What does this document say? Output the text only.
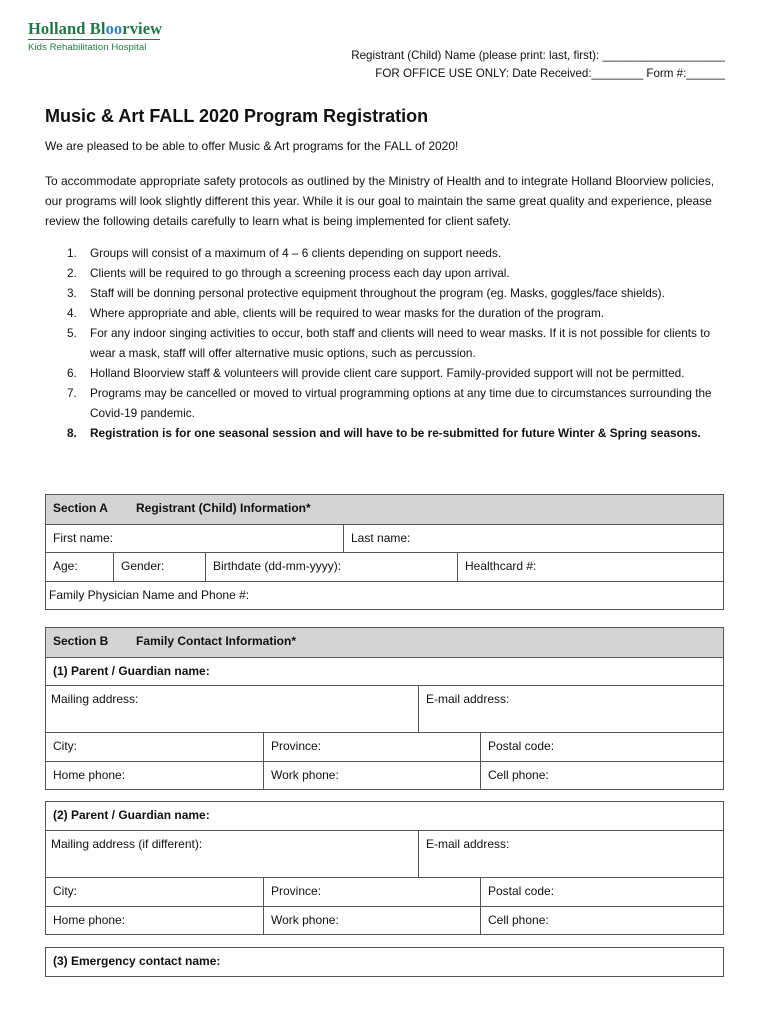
Holland Bloorview
Kids Rehabilitation Hospital
Registrant (Child) Name (please print: last, first): ___________________
FOR OFFICE USE ONLY: Date Received:________ Form #:______
Music & Art FALL 2020 Program Registration

We are pleased to be able to offer Music & Art programs for the FALL of 2020!

To accommodate appropriate safety protocols as outlined by the Ministry of Health and to integrate Holland Bloorview policies, our programs will look slightly different this year. While it is our goal to maintain the same great quality and experience, please review the following details carefully to learn what is being implemented for client safety.

1. Groups will consist of a maximum of 4 – 6 clients depending on support needs.
2. Clients will be required to go through a screening process each day upon arrival.
3. Staff will be donning personal protective equipment throughout the program (eg. Masks, goggles/face shields).
4. Where appropriate and able, clients will be required to wear masks for the duration of the program.
5. For any indoor singing activities to occur, both staff and clients will need to wear masks. If it is not possible for clients to wear a mask, staff will offer alternative music options, such as percussion.
6. Holland Bloorview staff & volunteers will provide client care support. Family-provided support will not be permitted.
7. Programs may be cancelled or moved to virtual programming options at any time due to circumstances surrounding the Covid-19 pandemic.
8. Registration is for one seasonal session and will have to be re-submitted for future Winter & Spring seasons.
Section A	Registrant (Child) Information*
First name:	Last name:
Age:	Gender:	Birthdate (dd-mm-yyyy):	Healthcard #:
Family Physician Name and Phone #:
Section B	Family Contact Information*
(1) Parent / Guardian name:
Mailing address:	E-mail address:
City:	Province:	Postal code:
Home phone:	Work phone:	Cell phone:
(2) Parent / Guardian name:
Mailing address (if different):	E-mail address:
City:	Province:	Postal code:
Home phone:	Work phone:	Cell phone:
(3) Emergency contact name:
